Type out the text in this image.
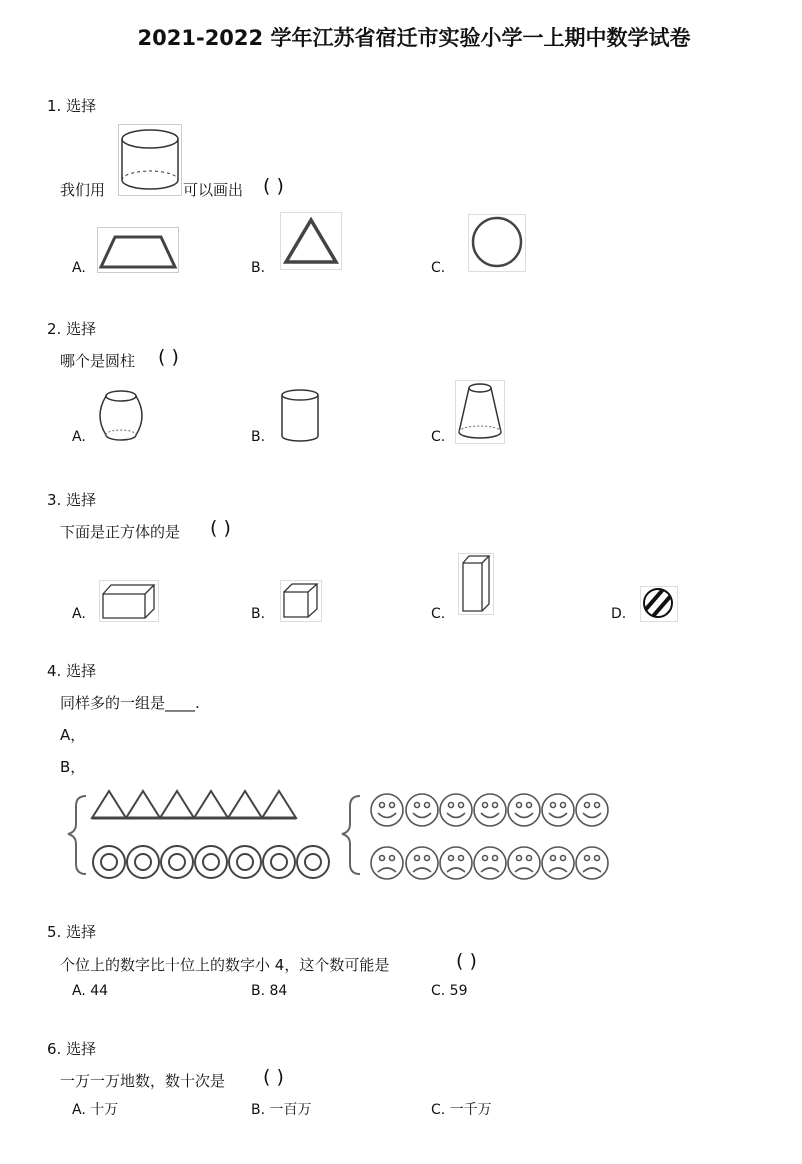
2021-2022 学年江苏省宿迁市实验小学一上期中数学试卷
1. 选择
我们用	可以画出 ( )
A.	B.	C.
2. 选择
哪个是圆柱 ( )
A.	B.	C.
3. 选择
下面是正方体的是 ( )
A.	B.	C.	D.
4. 选择
同样多的一组是____.
A，
B，
5. 选择
个位上的数字比十位上的数字小 4，这个数可能是	( )
A. 44	B. 84	C. 59
6. 选择
一万一万地数，数十次是 ( )
A. 十万	B. 一百万	C. 一千万
